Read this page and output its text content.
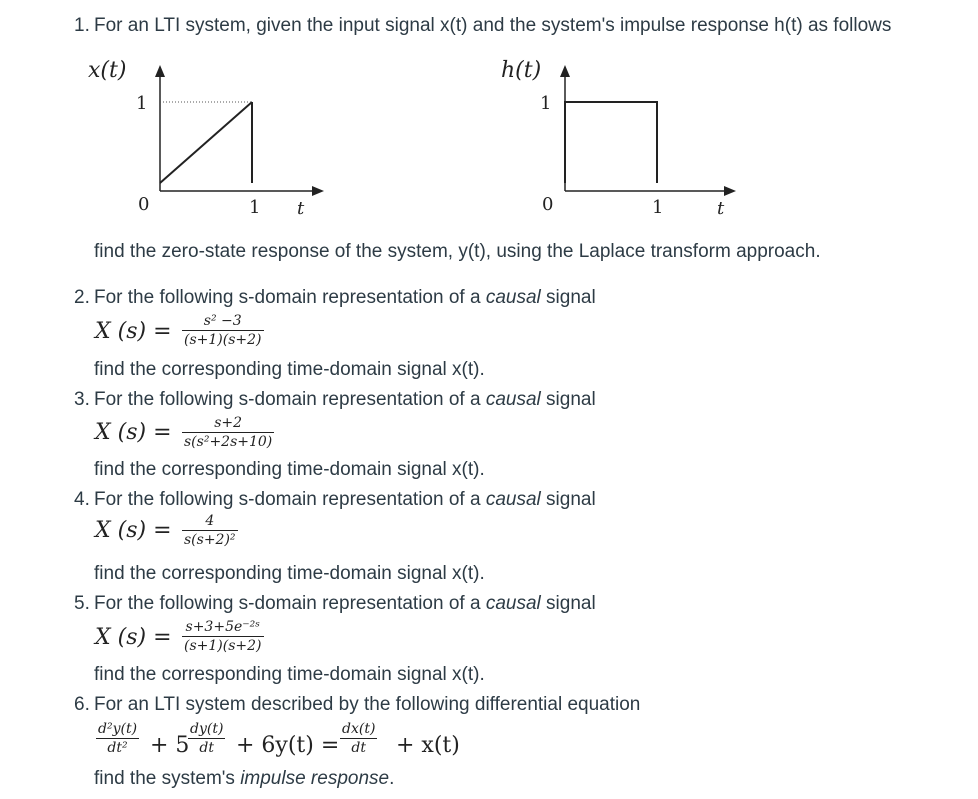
1. For an LTI system, given the input signal x(t) and the system's impulse response h(t) as follows
x(t)
1
0	1 t
h(t)
1
0	1	t
find the zero-state response of the system, y(t), using the Laplace transform approach.
2. For the following s-domain representation of a causal signal
X (s) =	s² −3
(s+1)(s+2)
find the corresponding time-domain signal x(t).
3. For the following s-domain representation of a causal signal
X (s) =	s+2
s(s²+2s+10)
find the corresponding time-domain signal x(t).
4. For the following s-domain representation of a causal signal
X (s) =	4
s(s+2)²
find the corresponding time-domain signal x(t).
5. For the following s-domain representation of a causal signal
X (s) = s+3+5e⁻²ˢ
(s+1)(s+2)
find the corresponding time-domain signal x(t).
6. For an LTI system described by the following differential equation
d²y(t)
dt²	+ 5
dy(t)
dt	+ 6y(t) =
dx(t)
dt	+ x(t)
find the system's impulse response.
